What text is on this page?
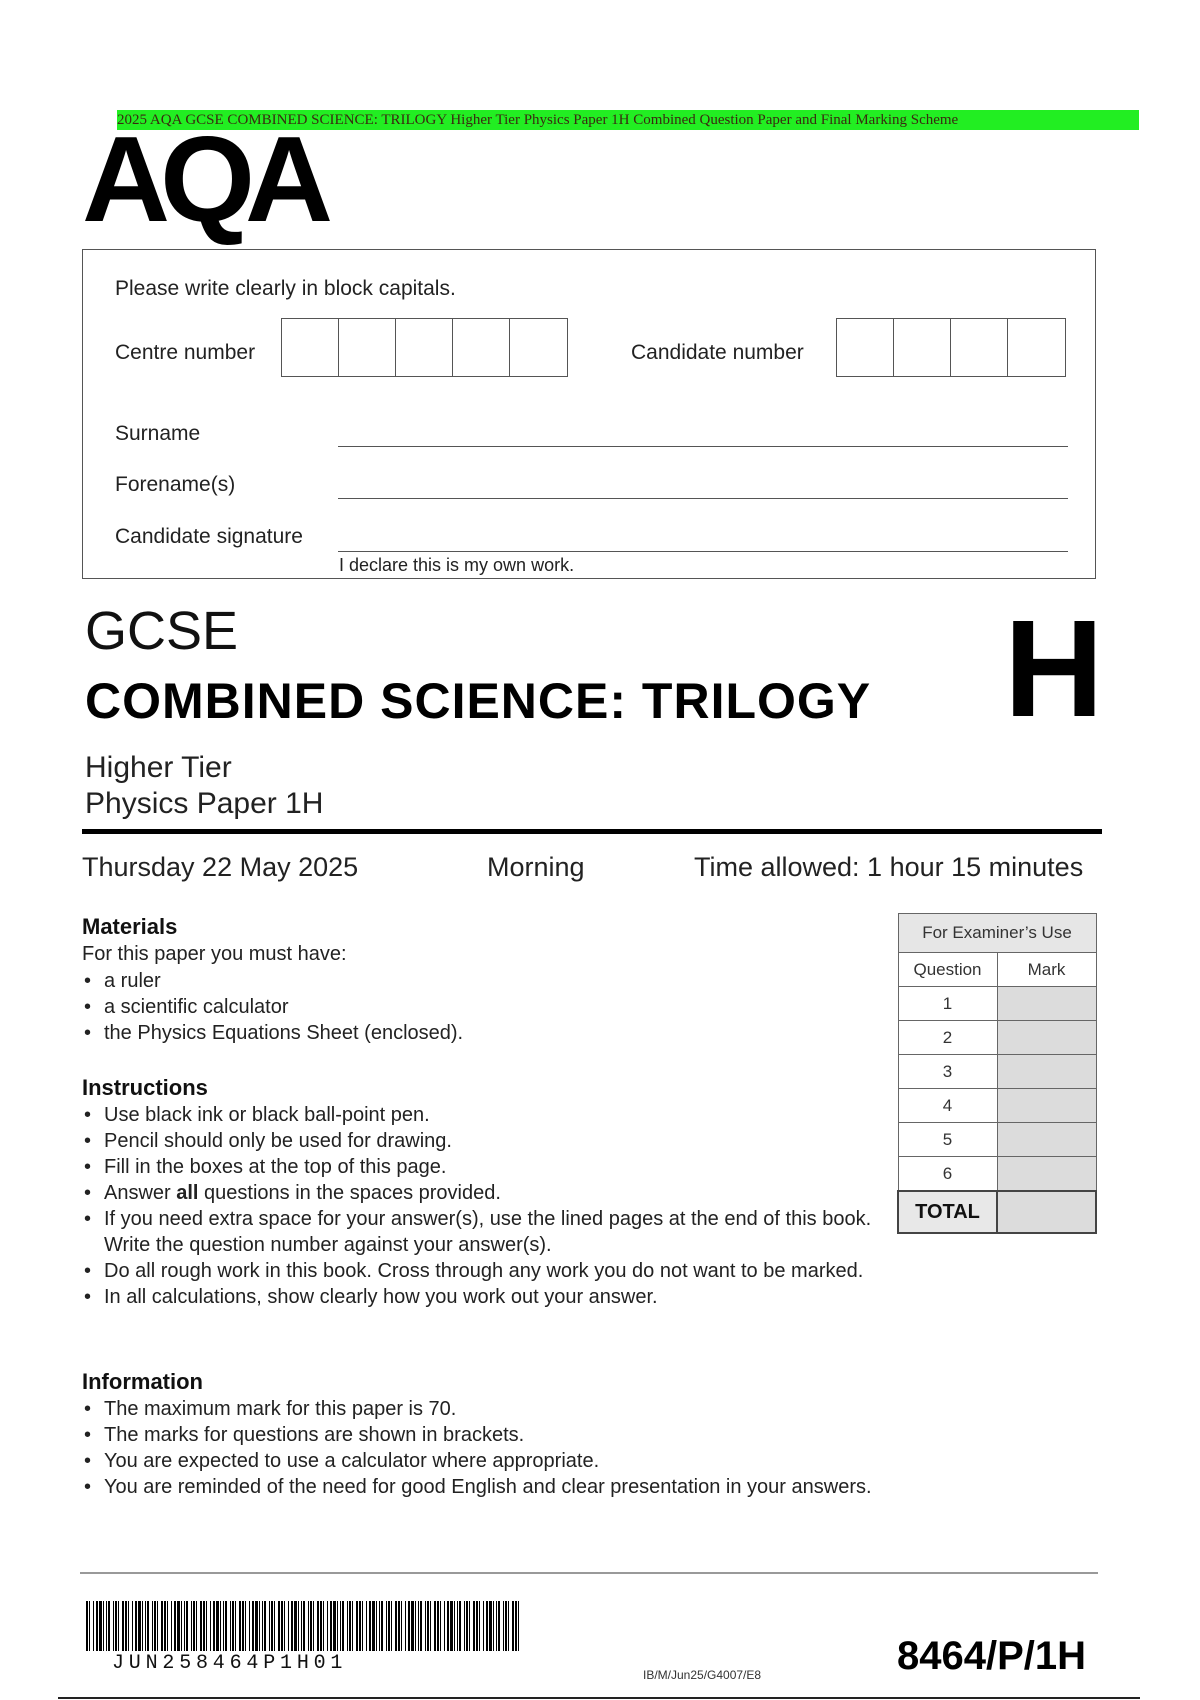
2025 AQA GCSE COMBINED SCIENCE: TRILOGY Higher Tier Physics Paper 1H Combined Question Paper and Final Marking Scheme
AQA
Please write clearly in block capitals.
Centre number	Candidate number
Surname
Forename(s)
Candidate signature
I declare this is my own work.
GCSE
COMBINED SCIENCE: TRILOGY H
Higher Tier
Physics Paper 1H
Thursday 22 May 2025	Morning	Time allowed: 1 hour 15 minutes
Materials
For this paper you must have:
• a ruler
• a scientific calculator
• the Physics Equations Sheet (enclosed).
Instructions
• Use black ink or black ball-point pen.
• Pencil should only be used for drawing.
• Fill in the boxes at the top of this page.
• Answer all questions in the spaces provided.
• If you need extra space for your answer(s), use the lined pages at the end of this book. Write the question number against your answer(s).
• Do all rough work in this book. Cross through any work you do not want to be marked.
• In all calculations, show clearly how you work out your answer.
Information
• The maximum mark for this paper is 70.
• The marks for questions are shown in brackets.
• You are expected to use a calculator where appropriate.
• You are reminded of the need for good English and clear presentation in your answers.
For Examiner’s Use	
Question	Mark
1	
2	
3	
4	
5	
6	
TOTAL	
JUN258464P1H01	IB/M/Jun25/G4007/E8	8464/P/1H
